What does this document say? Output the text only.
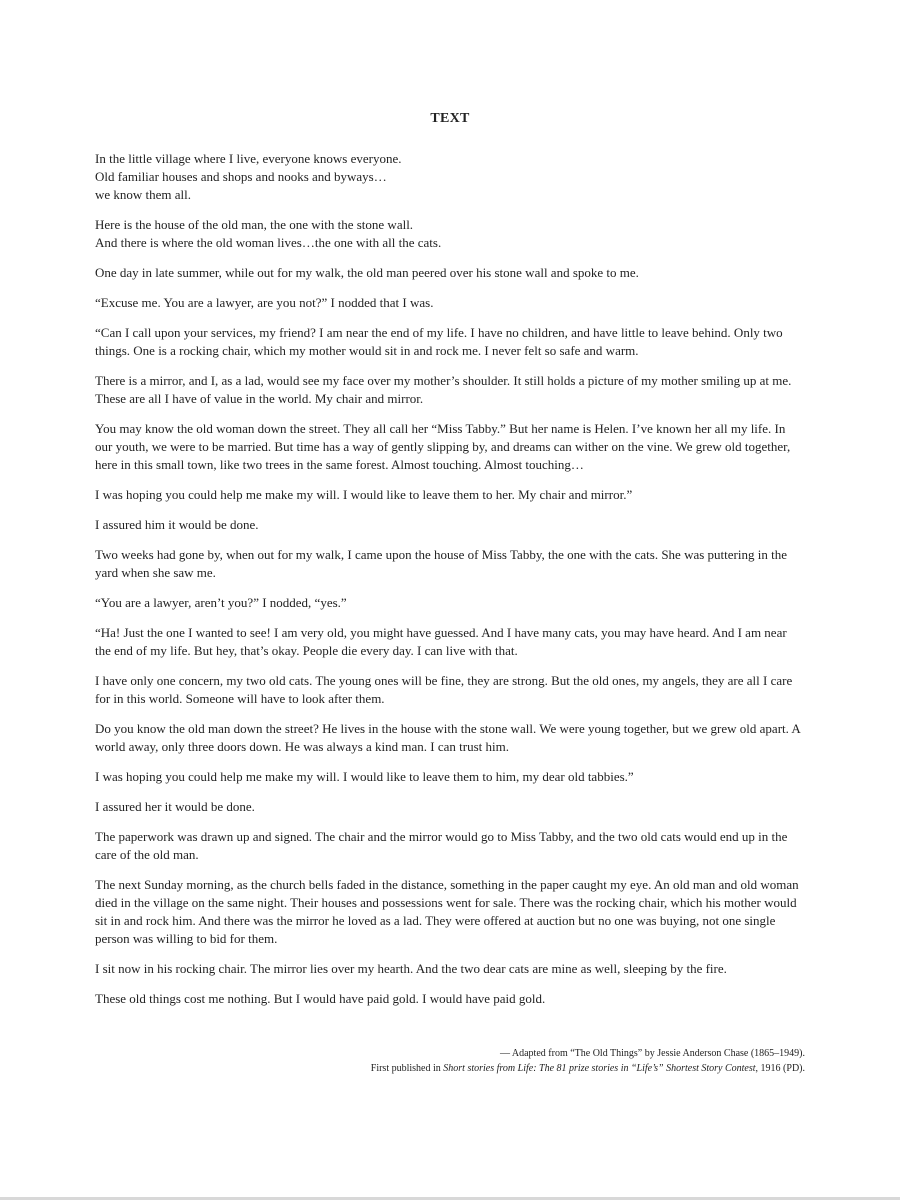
TEXT

In the little village where I live, everyone knows everyone.
Old familiar houses and shops and nooks and byways…
we know them all.

Here is the house of the old man, the one with the stone wall.
And there is where the old woman lives…the one with all the cats.

One day in late summer, while out for my walk, the old man peered over his stone wall and spoke to me.

“Excuse me. You are a lawyer, are you not?” I nodded that I was.

“Can I call upon your services, my friend? I am near the end of my life. I have no children, and have little to leave behind. Only two things. One is a rocking chair, which my mother would sit in and rock me. I never felt so safe and warm.

There is a mirror, and I, as a lad, would see my face over my mother’s shoulder. It still holds a picture of my mother smiling up at me. These are all I have of value in the world. My chair and mirror.

You may know the old woman down the street. They all call her “Miss Tabby.” But her name is Helen. I’ve known her all my life. In our youth, we were to be married. But time has a way of gently slipping by, and dreams can wither on the vine. We grew old together, here in this small town, like two trees in the same forest. Almost touching. Almost touching…

I was hoping you could help me make my will. I would like to leave them to her. My chair and mirror.”

I assured him it would be done.

Two weeks had gone by, when out for my walk, I came upon the house of Miss Tabby, the one with the cats. She was puttering in the yard when she saw me.

“You are a lawyer, aren’t you?” I nodded, “yes.”

“Ha! Just the one I wanted to see! I am very old, you might have guessed. And I have many cats, you may have heard. And I am near the end of my life. But hey, that’s okay. People die every day. I can live with that.

I have only one concern, my two old cats. The young ones will be fine, they are strong. But the old ones, my angels, they are all I care for in this world. Someone will have to look after them.

Do you know the old man down the street? He lives in the house with the stone wall. We were young together, but we grew old apart. A world away, only three doors down. He was always a kind man. I can trust him.

I was hoping you could help me make my will. I would like to leave them to him, my dear old tabbies.”

I assured her it would be done.

The paperwork was drawn up and signed. The chair and the mirror would go to Miss Tabby, and the two old cats would end up in the care of the old man.

The next Sunday morning, as the church bells faded in the distance, something in the paper caught my eye. An old man and old woman died in the village on the same night. Their houses and possessions went for sale. There was the rocking chair, which his mother would sit in and rock him. And there was the mirror he loved as a lad. They were offered at auction but no one was buying, not one single person was willing to bid for them.

I sit now in his rocking chair. The mirror lies over my hearth. And the two dear cats are mine as well, sleeping by the fire.

These old things cost me nothing. But I would have paid gold. I would have paid gold.

— Adapted from “The Old Things” by Jessie Anderson Chase (1865–1949).
First published in Short stories from Life: The 81 prize stories in “Life’s” Shortest Story Contest, 1916 (PD).
